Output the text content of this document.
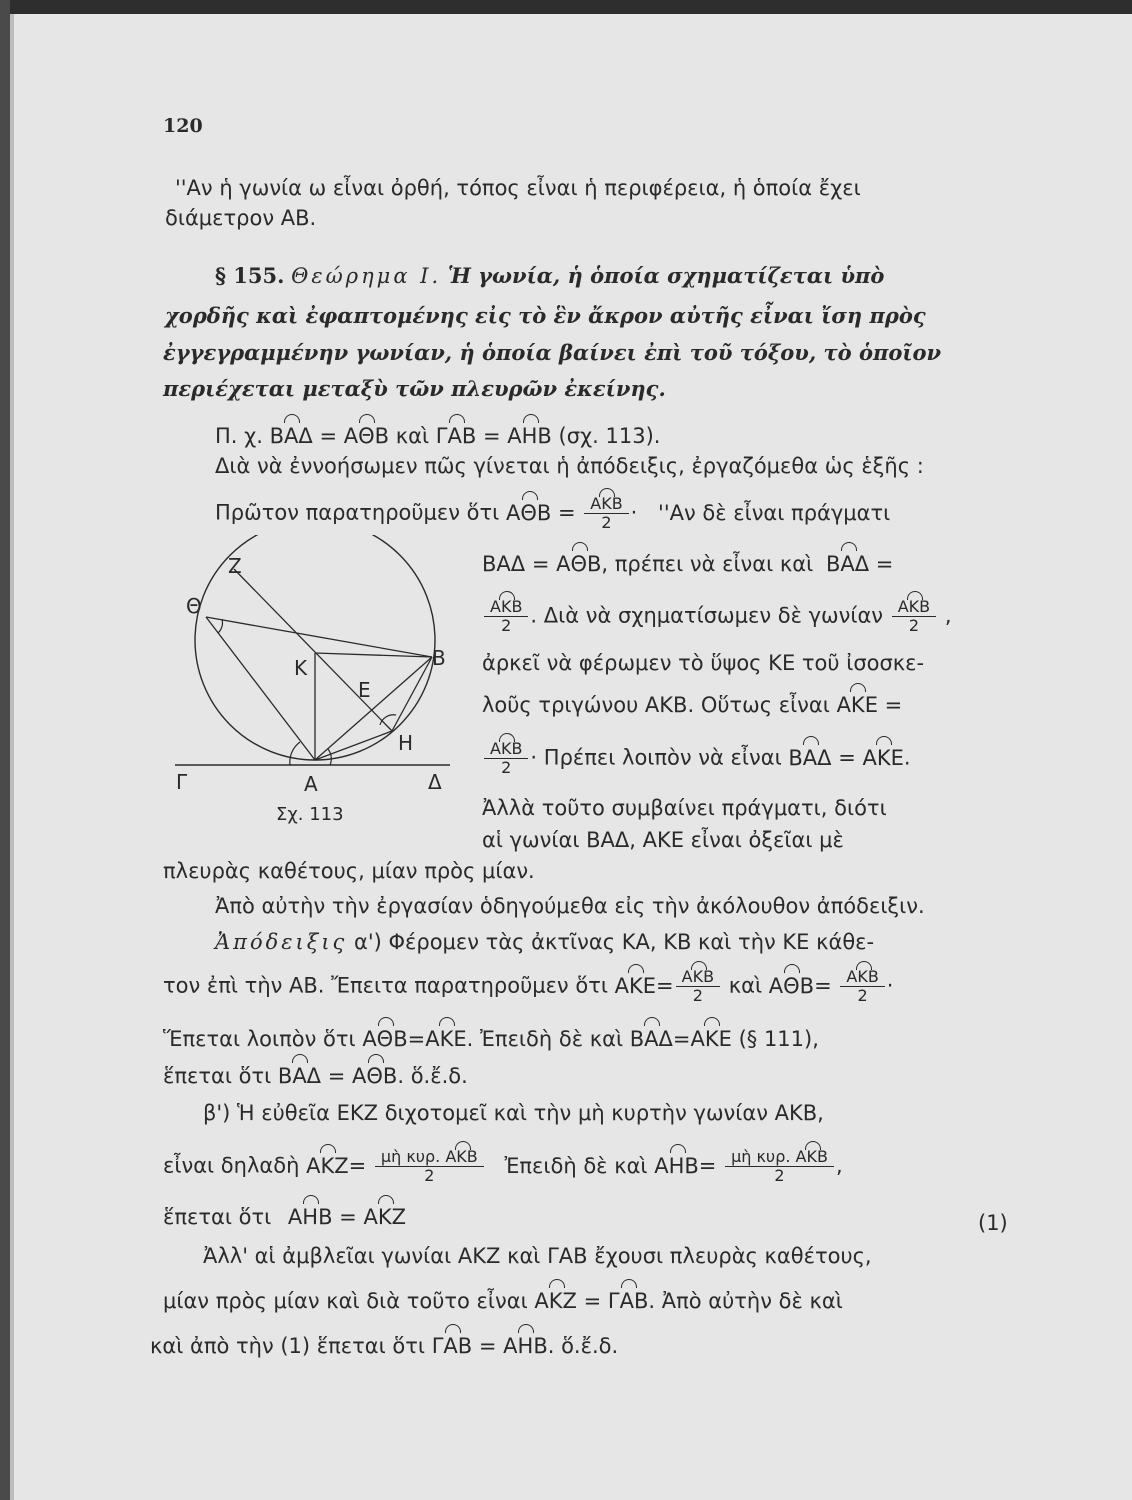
120
''Αν ἡ γωνία ω εἶναι ὀρθή, τόπος εἶναι ἡ περιφέρεια, ἡ ὁποία ἔχει
διάμετρον ΑΒ.
§ 155. Θεώρημα Ι. Ἡ γωνία, ἡ ὁποία σχηματίζεται ὑπὸ
χορδῆς καὶ ἐφαπτομένης εἰς τὸ ἓν ἄκρον αὐτῆς εἶναι ἴση πρὸς
ἐγγεγραμμένην γωνίαν, ἡ ὁποία βαίνει ἐπὶ τοῦ τόξου, τὸ ὁποῖον
περιέχεται μεταξὺ τῶν πλευρῶν ἐκείνης.
Π. χ. ΒΑΔ = ΑΘΒ καὶ ΓΑΒ = ΑΗΒ (σχ. 113).
Διὰ νὰ ἐννοήσωμεν πῶς γίνεται ἡ ἀπόδειξις, ἐργαζόμεθα ὡς ἑξῆς :
Πρῶτον παρατηροῦμεν ὅτι $A\Theta B = \frac{\text{ΑΚΒ}}{2}$ · ''Αν δὲ εἶναι πράγματι
ΒΑΔ = ΑΘΒ, πρέπει νὰ εἶναι καὶ ΒΑΔ =
$\frac{\text{ΑΚΒ}}{2}$ . Διὰ νὰ σχηματίσωμεν δὲ γωνίαν $\frac{\text{ΑΚΒ}}{2}$ ,
ἀρκεῖ νὰ φέρωμεν τὸ ὕψος ΚΕ τοῦ ἰσοσκε-
λοῦς τριγώνου ΑΚΒ. Οὕτως εἶναι ΑΚΕ =
$\frac{\text{ΑΚΒ}}{2} \cdot \Pi\rho έ\pi\varepsilon\iota$ λοιπὸν νὰ εἶναι ΒΑΔ = ΑΚΕ.
Ἀλλὰ τοῦτο συμβαίνει πράγματι, διότι
αἱ γωνίαι ΒΑΔ, ΑΚΕ εἶναι ὀξεῖαι μὲ
πλευρὰς καθέτους, μίαν πρὸς μίαν.
Ἀπὸ αὐτὴν τὴν ἐργασίαν ὁδηγούμεθα εἰς τὴν ἀκόλουθον ἀπόδειξιν.
Ἀπόδειξις α') Φέρομεν τὰς ἀκτῖνας ΚΑ, ΚΒ καὶ τὴν ΚΕ κάθε-
τον ἐπὶ τὴν ΑΒ. Ἔπειτα παρατηροῦμεν ὅτι $AKE= \frac{\text{ΑΚΒ}}{2}$ καὶ $A\Theta B= \frac{\text{ΑΚΒ}}{2}$ ·
Ἕπεται λοιπὸν ὅτι ΑΘΒ=ΑΚΕ. Ἐπειδὴ δὲ καὶ ΒΑΔ=ΑΚΕ (§ 111),
ἕπεται ὅτι ΒΑΔ = ΑΘΒ. ὅ.ἔ.δ.
β') Ἡ εὐθεῖα ΕΚΖ διχοτομεῖ καὶ τὴν μὴ κυρτὴν γωνίαν ΑΚΒ,
εἶναι δηλαδὴ $AKZ= \frac{\text{μὴ κυρ. ΑΚΒ}}{2}$ Ἐπειδὴ δὲ καὶ $AHB= \frac{\text{μὴ κυρ. ΑΚΒ}}{2}$ ,
ἕπεται ὅτι ΑΗΒ = ΑΚΖ	(1)
Ἀλλ' αἱ ἀμβλεῖαι γωνίαι ΑΚΖ καὶ ΓΑΒ ἔχουσι πλευρὰς καθέτους,
μίαν πρὸς μίαν καὶ διὰ τοῦτο εἶναι ΑΚΖ = ΓΑΒ. Ἀπὸ αὐτὴν δὲ καὶ
καὶ ἀπὸ τὴν (1) ἕπεται ὅτι ΓΑΒ = ΑΗΒ. ὅ.ἔ.δ.
Ζ
Θ
Κ	Β
Ε
Η
Γ	Α	Δ
Σχ. 113
